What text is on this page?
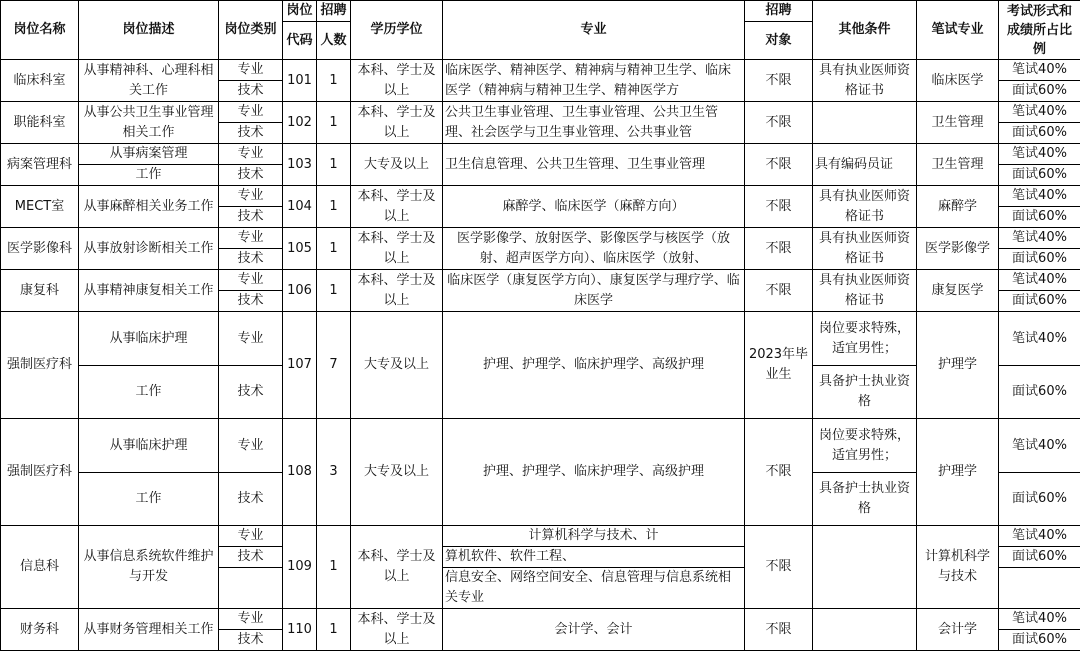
岗位名称	岗位描述	岗位类别	岗位	招聘	学历学位	专业	招聘	其他条件	笔试专业	考试形式和成绩所占比例
			代码	人数			对象			
临床科室	从事精神科、心理科相关工作	专业	101	1	本科、学士及以上	临床医学、精神医学、精神病与精神卫生学、临床医学（精神病与精神卫生学、精神医学方	不限	具有执业医师资格证书	临床医学	笔试40%
		技术								面试60%
职能科室	从事公共卫生事业管理相关工作	专业	102	1	本科、学士及以上	公共卫生事业管理、卫生事业管理、公共卫生管理、社会医学与卫生事业管理、公共事业管	不限		卫生管理	笔试40%
		技术								面试60%
病案管理科	从事病案管理	专业	103	1	大专及以上	卫生信息管理、公共卫生管理、卫生事业管理	不限	具有编码员证	卫生管理	笔试40%
	工作	技术								面试60%
MECT室	从事麻醉相关业务工作	专业	104	1	本科、学士及以上	麻醉学、临床医学（麻醉方向）	不限	具有执业医师资格证书	麻醉学	笔试40%
		技术								面试60%
医学影像科	从事放射诊断相关工作	专业	105	1	本科、学士及以上	医学影像学、放射医学、影像医学与核医学（放射、超声医学方向）、临床医学（放射、	不限	具有执业医师资格证书	医学影像学	笔试40%
		技术								面试60%
康复科	从事精神康复相关工作	专业	106	1	本科、学士及以上	临床医学（康复医学方向）、康复医学与理疗学、临床医学	不限	具有执业医师资格证书	康复医学	笔试40%
		技术								面试60%
强制医疗科	从事临床护理	专业	107	7	大专及以上	护理、护理学、临床护理学、高级护理	2023年毕业生	岗位要求特殊，适宜男性；	护理学	笔试40%
	工作	技术						具备护士执业资格		面试60%
强制医疗科	从事临床护理	专业	108	3	大专及以上	护理、护理学、临床护理学、高级护理	不限	岗位要求特殊，适宜男性；	护理学	笔试40%
	工作	技术						具备护士执业资格		面试60%
信息科	从事信息系统软件维护与开发	专业	109	1	本科、学士及以上	计算机科学与技术、计	不限		计算机科学与技术	笔试40%
		技术				算机软件、软件工程、				面试60%
						信息安全、网络空间安全、信息管理与信息系统相关专业				
财务科	从事财务管理相关工作	专业	110	1	本科、学士及以上	会计学、会计	不限		会计学	笔试40%
		技术								面试60%
